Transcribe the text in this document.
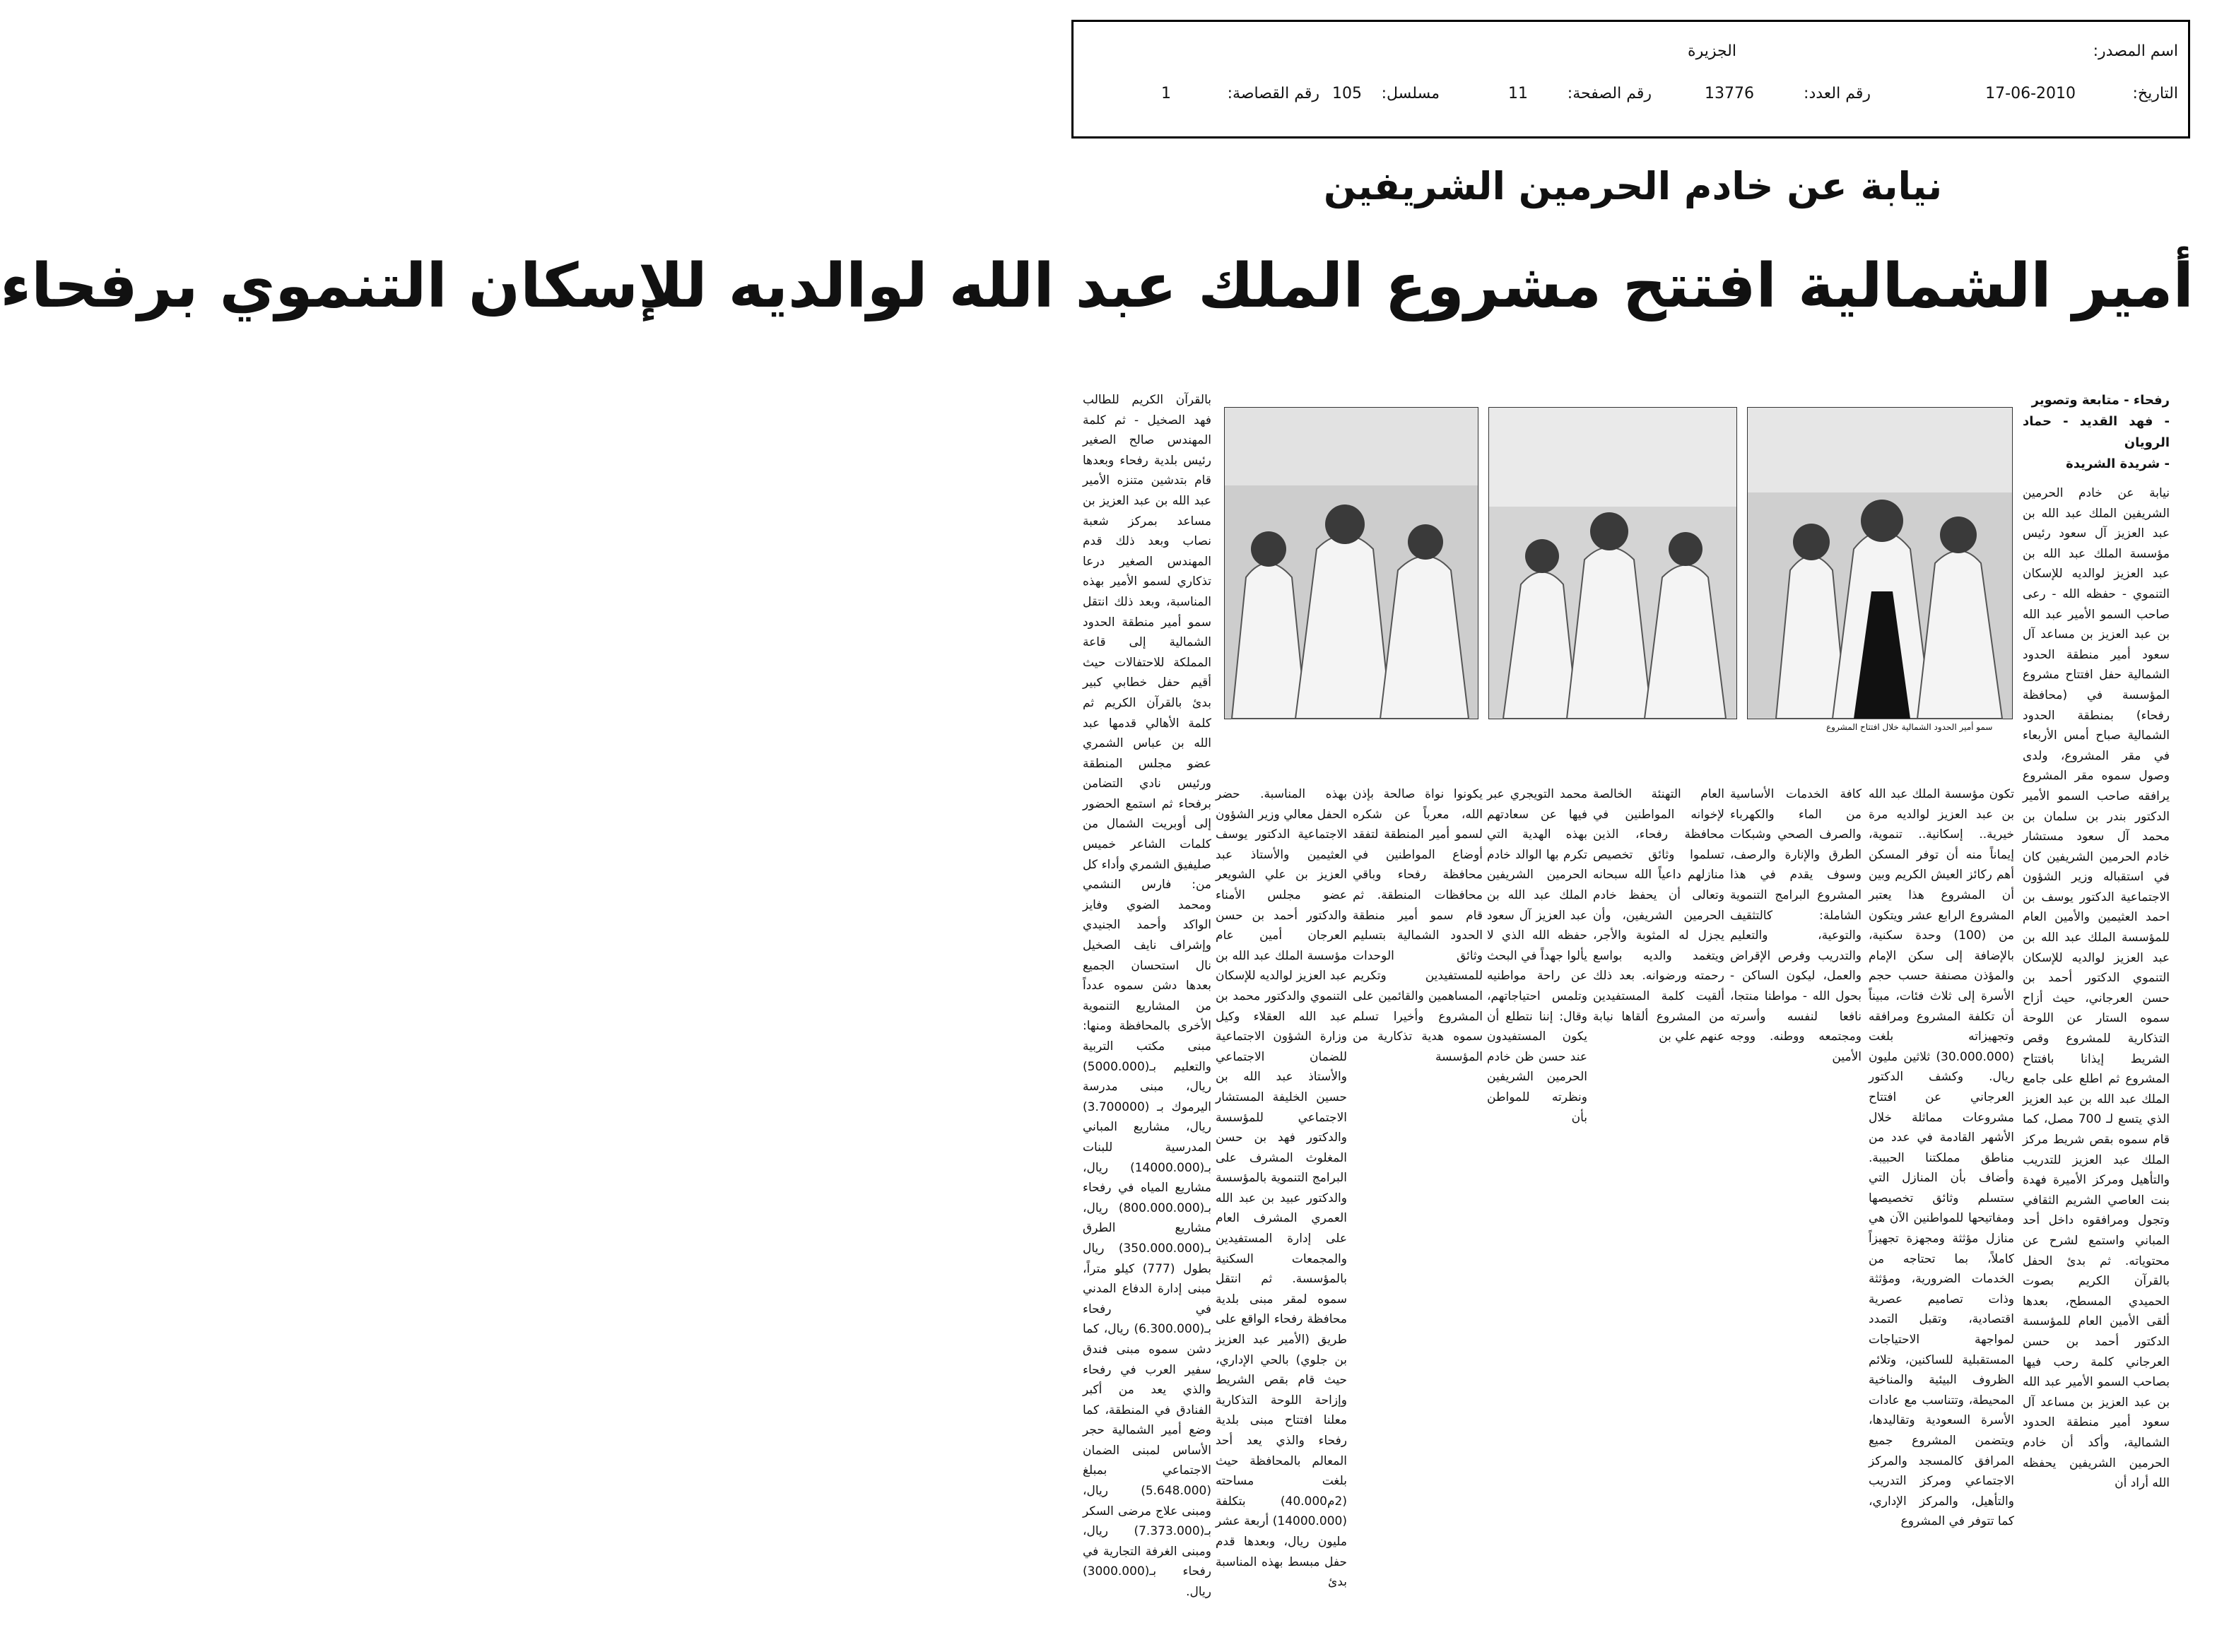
اسم المصدر:
الجزيرة
التاريخ:
17-06-2010
رقم العدد:
13776
رقم الصفحة:
11
مسلسل:
105
رقم القصاصة:
1
نيابة عن خادم الحرمين الشريفين
أمير الشمالية افتتح مشروع الملك عبد الله لوالديه للإسكان التنموي برفحاء
رفحاء - متابعة وتصوير
- فهد القديد - حماد الرويان
- شريدة الشريدة
نيابة عن خادم الحرمين الشريفين الملك عبد الله بن عبد العزيز آل سعود رئيس مؤسسة الملك عبد الله بن عبد العزيز لوالديه للإسكان التنموي - حفظه الله - رعى صاحب السمو الأمير عبد الله بن عبد العزيز بن مساعد آل سعود أمير منطقة الحدود الشمالية حفل افتتاح مشروع المؤسسة في (محافظة رفحاء) بمنطقة الحدود الشمالية صباح أمس الأربعاء في مقر المشروع، ولدى وصول سموه مقر المشروع يرافقه صاحب السمو الأمير الدكتور بندر بن سلمان بن محمد آل سعود مستشار خادم الحرمين الشريفين كان في استقباله وزير الشؤون الاجتماعية الدكتور يوسف بن احمد العثيمين والأمين العام للمؤسسة الملك عبد الله بن عبد العزيز لوالديه للإسكان التنموي الدكتور أحمد بن حسن العرجاني، حيث أزاح سموه الستار عن اللوحة التذكارية للمشروع وقص الشريط إيذانا بافتتاح المشروع ثم اطلع على جامع الملك عبد الله بن عبد العزيز الذي يتسع لـ 700 مصل، كما قام سموه بقص شريط مركز الملك عبد العزيز للتدريب والتأهيل ومركز الأميرة فهدة بنت العاصي الشريم الثقافي وتجول ومرافقوه داخل أحد المباني واستمع لشرح عن محتوياته. ثم بدئ الحفل بالقرآن الكريم بصوت الحميدي المسطح، بعدها ألقى الأمين العام للمؤسسة الدكتور أحمد بن حسن العرجاني كلمة رحب فيها بصاحب السمو الأمير عبد الله بن عبد العزيز بن مساعد آل سعود أمير منطقة الحدود الشمالية، وأكد أن خادم الحرمين الشريفين يحفظه الله أراد أن
سمو أمير الحدود الشمالية خلال افتتاح المشروع
تكون مؤسسة الملك عبد الله بن عبد العزيز لوالديه مرة خيرية.. إسكانية.. تنموية، إيماناً منه أن توفر المسكن أهم ركائز العيش الكريم وبين أن المشروع هذا يعتبر المشروع الرابع عشر ويتكون من (100) وحدة سكنية، بالإضافة إلى سكن الإمام والمؤذن مصنفة حسب حجم الأسرة إلى ثلاث فئات، مبيناً أن تكلفة المشروع ومرافقه وتجهيزاته بلغت (30.000.000) ثلاثين مليون ريال. وكشف الدكتور العرجاني عن افتتاح مشروعات مماثلة خلال الأشهر القادمة في عدد من مناطق مملكتنا الحبيبة. وأضاف بأن المنازل التي ستسلم وثائق تخصيصها ومفاتيحها للمواطنين الآن هي منازل مؤثثة ومجهزة تجهيزاً كاملاً، بما تحتاجه من الخدمات الضرورية، ومؤثثة وذات تصاميم عصرية اقتصادية، وتقبل التمدد لمواجهة الاحتياجات المستقبلية للساكنين، وتلائم الظروف البيئية والمناخية المحيطة، وتتناسب مع عادات الأسرة السعودية وتقاليدها، ويتضمن المشروع جميع المرافق كالمسجد والمركز الاجتماعي ومركز التدريب والتأهيل، والمركز الإداري، كما تتوفر في المشروع
كافة الخدمات الأساسية من الماء والكهرباء والصرف الصحي وشبكات الطرق والإنارة والرصف، وسوف يقدم في هذا المشروع البرامج التنموية الشاملة: كالتثقيف والتوعية، والتعليم والتدريب وفرص الإقراض والعمل، ليكون الساكن - بحول الله - مواطنا منتجا، نافعا لنفسه وأسرته ومجتمعه ووطنه. ووجه الأمين
العام التهنئة الخالصة لإخوانه المواطنين في محافظة رفحاء، الذين تسلموا وثائق تخصيص منازلهم داعياً الله سبحانه وتعالى أن يحفظ خادم الحرمين الشريفين، وأن يجزل له المثوبة والأجر، ويتغمد والديه بواسع رحمته ورضوانه. بعد ذلك ألقيت كلمة المستفيدين من المشروع ألقاها نيابة عنهم علي بن
محمد التويجري عبر فيها عن سعادتهم بهذه الهدية التي تكرم بها الوالد خادم الحرمين الشريفين الملك عبد الله بن عبد العزيز آل سعود حفظه الله الذي لا يألوا جهداً في البحث عن راحة مواطنيه وتلمس احتياجاتهم، وقال: إننا نتطلع أن يكون المستفيدون عند حسن ظن خادم الحرمين الشريفين ونظرته للمواطن بأن
يكونوا نواة صالحة بإذن الله، معرباً عن شكره لسمو أمير المنطقة لتفقد أوضاع المواطنين في محافظة رفحاء وباقي محافظات المنطقة. ثم قام سمو أمير منطقة الحدود الشمالية بتسليم وثائق الوحدات للمستفيدين وتكريم المساهمين والقائمين على المشروع وأخيرا تسلم سموه هدية تذكارية من المؤسسة
بهذه المناسبة. حضر الحفل معالي وزير الشؤون الاجتماعية الدكتور يوسف العثيمين والأستاذ عبد العزيز بن علي الشويعر عضو مجلس الأمناء والدكتور أحمد بن حسن العرجان أمين عام مؤسسة الملك عبد الله بن عبد العزيز لوالديه للإسكان التنموي والدكتور محمد بن عبد الله العقلاء وكيل وزارة الشؤون الاجتماعية للضمان الاجتماعي والأستاذ عبد الله بن حسين الخليفة المستشار الاجتماعي للمؤسسة والدكتور فهد بن حسن المغلوث المشرف على البرامج التنموية بالمؤسسة والدكتور عبيد بن عبد الله العمري المشرف العام على إدارة المستفيدين والمجمعات السكنية بالمؤسسة. ثم انتقل سموه لمقر مبنى بلدية محافظة رفحاء الواقع على طريق (الأمير عبد العزيز بن جلوي) بالحي الإداري، حيث قام بقص الشريط وإزاحة اللوحة التذكارية معلنا افتتاح مبنى بلدية رفحاء والذي يعد أحد المعالم بالمحافظة حيث بلغت مساحته (2م40.000) بتكلفة (14000.000) أربعة عشر مليون ريال، وبعدها قدم حفل مبسط بهذه المناسبة بدئ
بالقرآن الكريم للطالب فهد الصخيل - ثم كلمة المهندس صالح الصغير رئيس بلدية رفحاء وبعدها قام بتدشين متنزه الأمير عبد الله بن عبد العزيز بن مساعد بمركز شعبة نصاب وبعد ذلك قدم المهندس الصغير درعا تذكاري لسمو الأمير بهذه المناسبة، وبعد ذلك انتقل سمو أمير منطقة الحدود الشمالية إلى قاعة المملكة للاحتفالات حيث أقيم حفل خطابي كبير بدئ بالقرآن الكريم ثم كلمة الأهالي قدمها عبد الله بن عباس الشمري عضو مجلس المنطقة ورئيس نادي التضامن برفحاء ثم استمع الحضور إلى أوبريت الشمال من كلمات الشاعر خميس صليفيق الشمري وأداء كل من: فارس النشمي ومحمد الضوي وفايز الواكد وأحمد الجنيدي وإشراف نايف الصخيل نال استحسان الجميع بعدها دشن سموه عدداً من المشاريع التنموية الأخرى بالمحافظة ومنها: مبنى مكتب التربية والتعليم بـ(5000.000) ريال، مبنى مدرسة اليرموك بـ (3.700000) ريال، مشاريع المباني المدرسية للبنات بـ(14000.000) ريال، مشاريع المياه في رفحاء بـ(800.000.000) ريال، مشاريع الطرق بـ(350.000.000) ريال بطول (777) كيلو متراً، مبنى إدارة الدفاع المدني في رفحاء بـ(6.300.000) ريال، كما دشن سموه مبنى فندق سفير العرب في رفحاء والذي يعد من أكبر الفنادق في المنطقة، كما وضع أمير الشمالية حجر الأساس لمبنى الضمان الاجتماعي بمبلغ (5.648.000) ريال، ومبنى علاج مرضى السكر بـ(7.373.000) ريال، ومبنى الغرفة التجارية في رفحاء بـ(3000.000) ريال.
